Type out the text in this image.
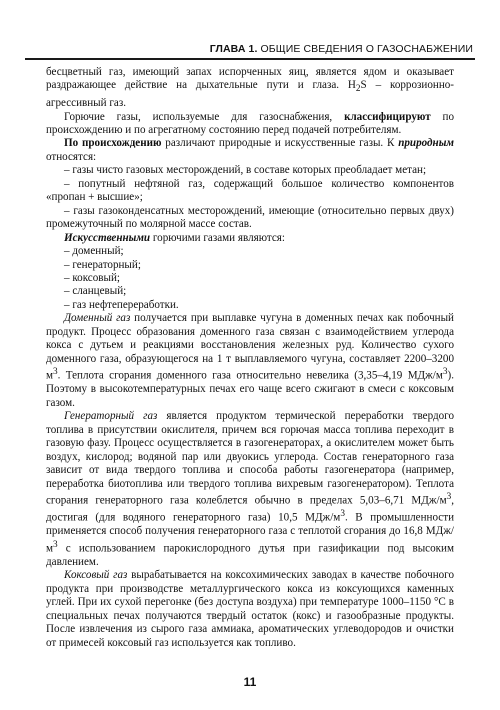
ГЛАВА 1. ОБЩИЕ СВЕДЕНИЯ О ГАЗОСНАБЖЕНИИ

бесцветный газ, имеющий запах испорченных яиц, является ядом и оказывает раздражающее действие на дыхательные пути и глаза. $H_2S$ – коррозионно-агрессивный газ.

Горючие газы, используемые для газоснабжения, классифицируют по происхождению и по агрегатному состоянию перед подачей потребителям.

По происхождению различают природные и искусственные газы. К природным относятся:

– газы чисто газовых месторождений, в составе которых преобладает метан;

– попутный нефтяной газ, содержащий большое количество компонентов «пропан + высшие»;

– газы газоконденсатных месторождений, имеющие (относительно первых двух) промежуточный по молярной массе состав.

Искусственными горючими газами являются:

– доменный;

– генераторный;

– коксовый;

– сланцевый;

– газ нефтепереработки.

Доменный газ получается при выплавке чугуна в доменных печах как побочный продукт. Процесс образования доменного газа связан с взаимодействием углерода кокса с дутьем и реакциями восстановления железных руд. Количество сухого доменного газа, образующегося на 1 т выплавляемого чугуна, составляет 2200–3200 $м^3$. Теплота сгорания доменного газа относительно невелика (3,35–4,19 МДж/$м^3$). Поэтому в высокотемпературных печах его чаще всего сжигают в смеси с коксовым газом.

Генераторный газ является продуктом термической переработки твердого топлива в присутствии окислителя, причем вся горючая масса топлива переходит в газовую фазу. Процесс осуществляется в газогенераторах, а окислителем может быть воздух, кислород; водяной пар или двуокись углерода. Состав генераторного газа зависит от вида твердого топлива и способа работы газогенератора (например, переработка биотоплива или твердого топлива вихревым газогенератором). Теплота сгорания генераторного газа колеблется обычно в пределах 5,03–6,71 МДж/$м^3$, достигая (для водяного генераторного газа) 10,5 МДж/$м^3$. В промышленности применяется способ получения генераторного газа с теплотой сгорания до 16,8 МДж/$м^3$ с использованием парокислородного дутья при газификации под высоким давлением.

Коксовый газ вырабатывается на коксохимических заводах в качестве побочного продукта при производстве металлургического кокса из коксующихся каменных углей. При их сухой перегонке (без доступа воздуха) при температуре 1000–1150 °С в специальных печах получаются твердый остаток (кокс) и газообразные продукты. После извлечения из сырого газа аммиака, ароматических углеводородов и очистки от примесей коксовый газ используется как топливо.

11
